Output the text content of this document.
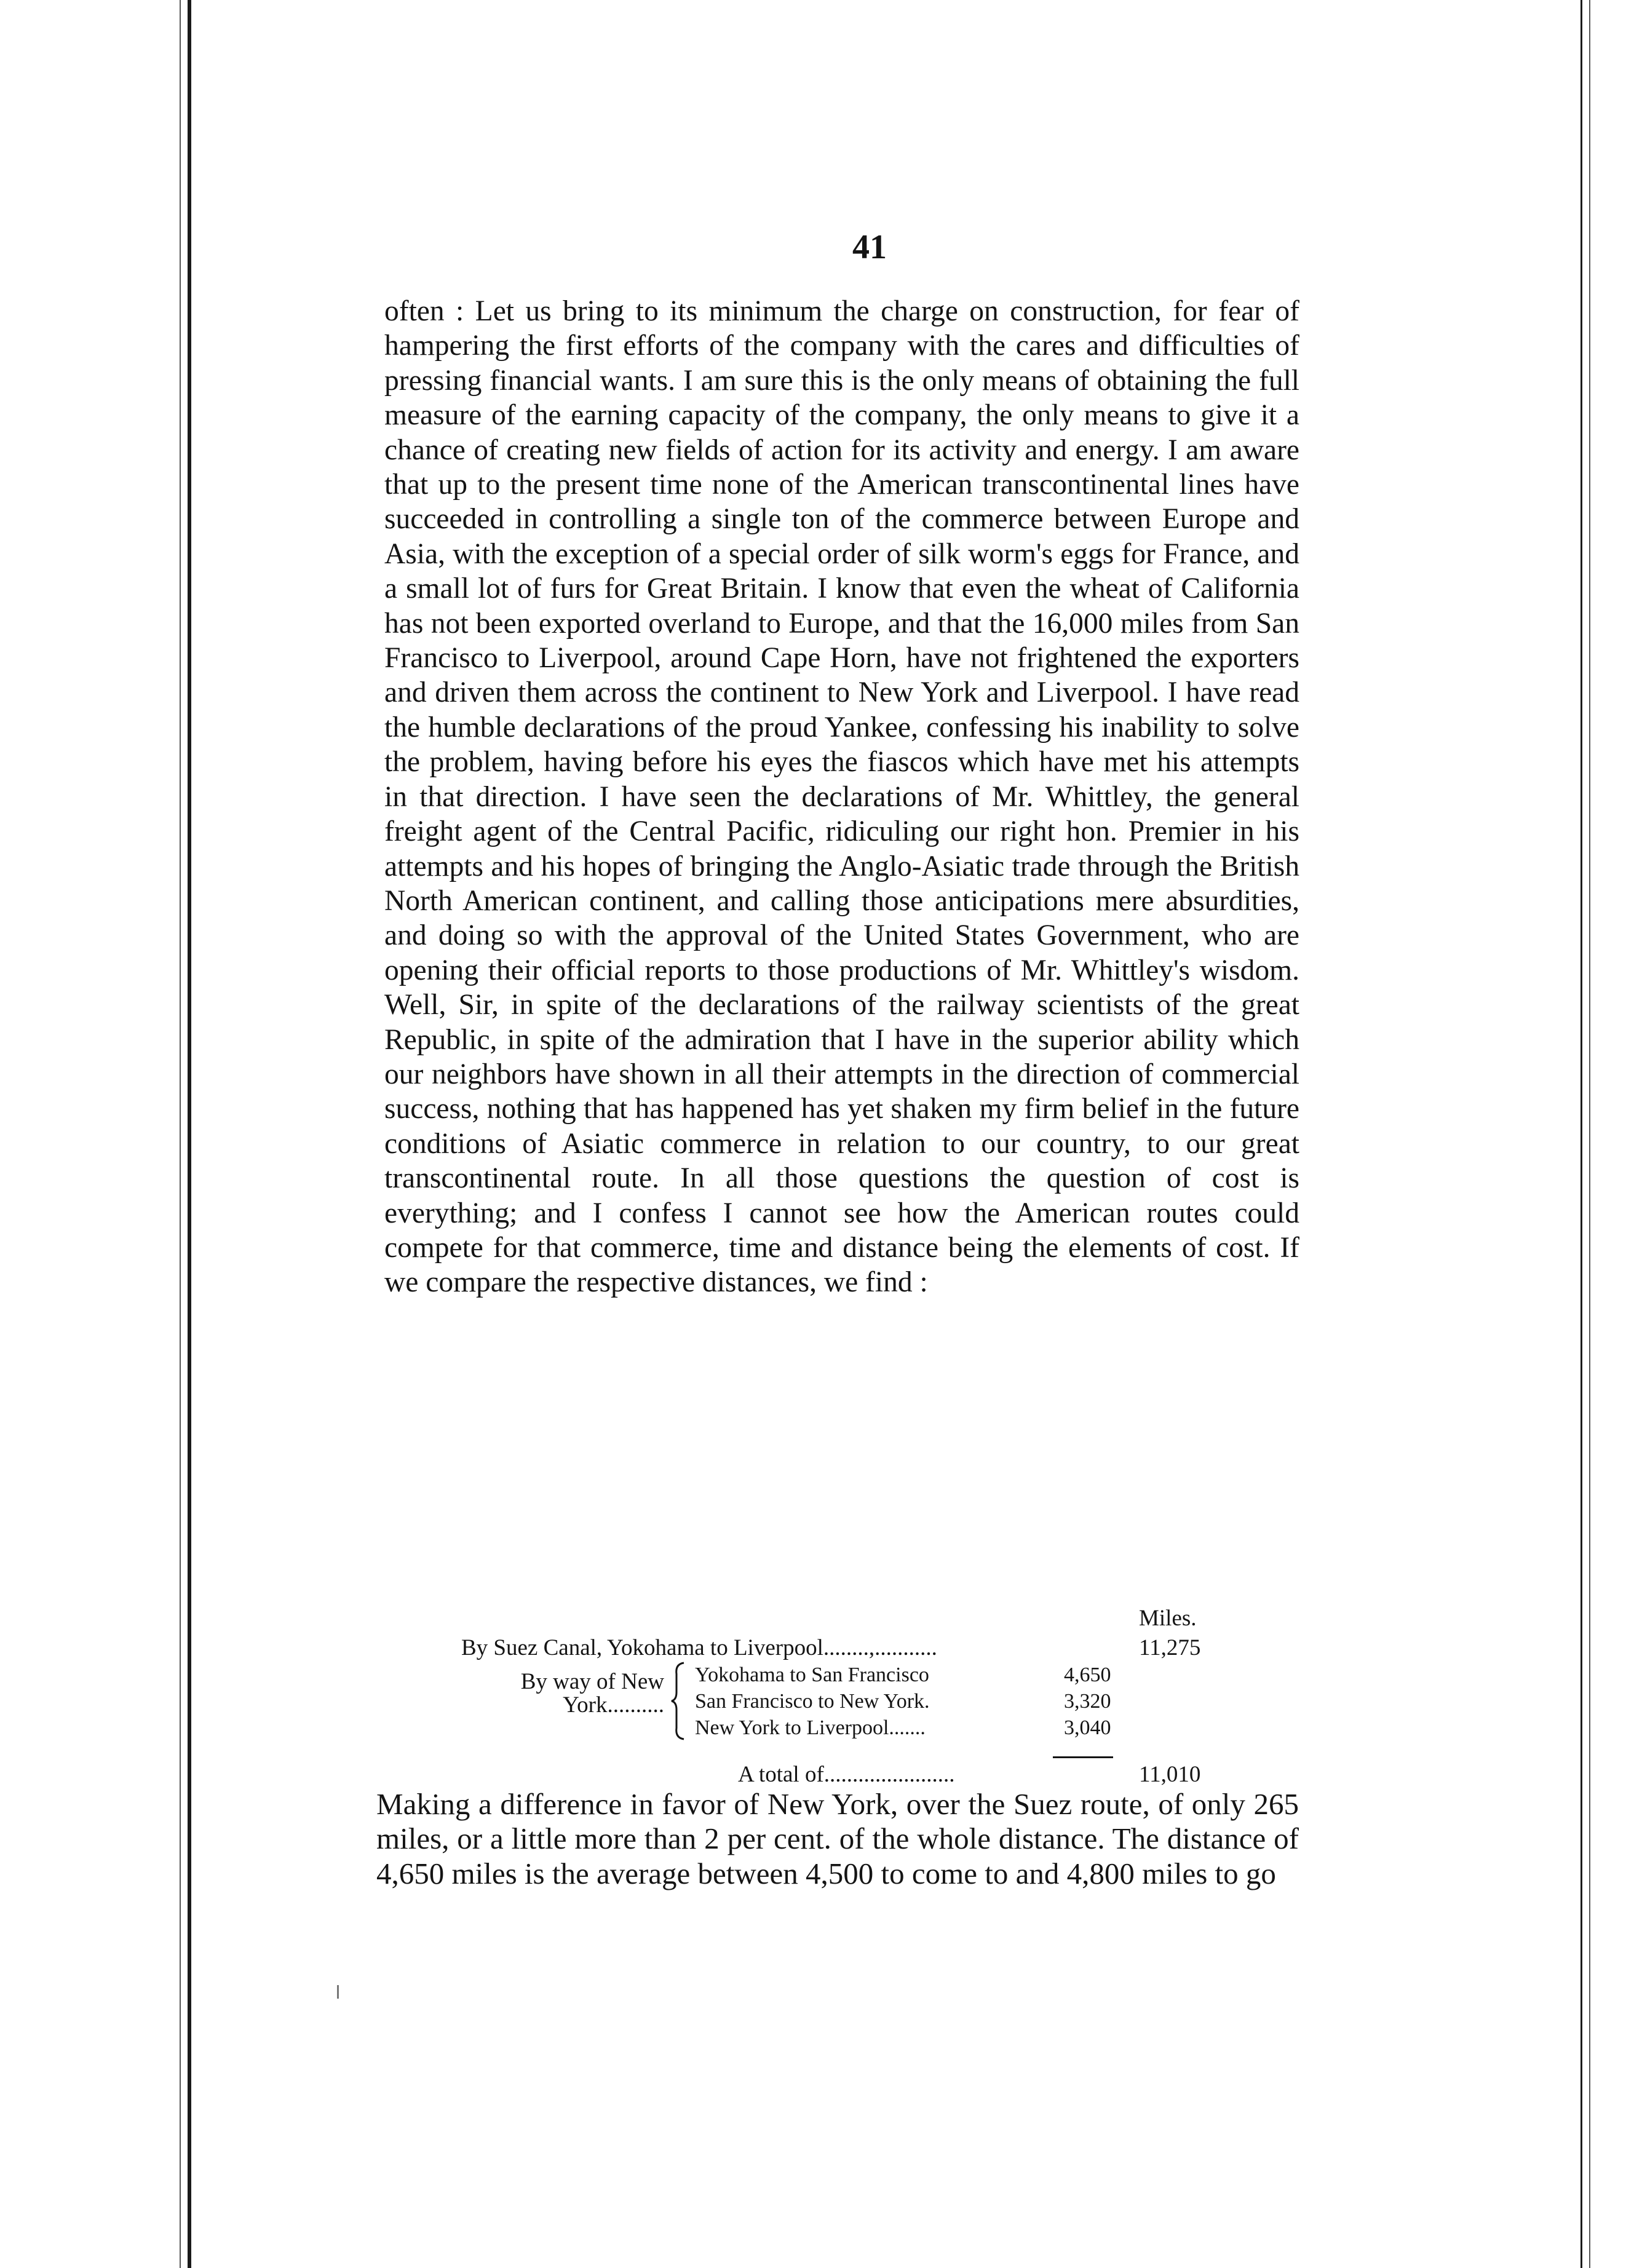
41

often : Let us bring to its minimum the charge on construction, for fear of hampering the first efforts of the company with the cares and difficulties of pressing financial wants. I am sure this is the only means of obtaining the full measure of the earning capacity of the company, the only means to give it a chance of creating new fields of action for its activity and energy. I am aware that up to the present time none of the American transcontinental lines have succeeded in controlling a single ton of the commerce between Europe and Asia, with the exception of a special order of silk worm's eggs for France, and a small lot of furs for Great Britain. I know that even the wheat of California has not been exported overland to Europe, and that the 16,000 miles from San Francisco to Liverpool, around Cape Horn, have not frightened the exporters and driven them across the continent to New York and Liverpool. I have read the humble declarations of the proud Yankee, confessing his inability to solve the problem, having before his eyes the fiascos which have met his attempts in that direction. I have seen the declarations of Mr. Whittley, the general freight agent of the Central Pacific, ridiculing our right hon. Premier in his attempts and his hopes of bringing the Anglo-Asiatic trade through the British North American continent, and calling those anticipations mere absurdities, and doing so with the approval of the United States Government, who are opening their official reports to those productions of Mr. Whittley's wisdom. Well, Sir, in spite of the declarations of the railway scientists of the great Republic, in spite of the admiration that I have in the superior ability which our neighbors have shown in all their attempts in the direction of commercial success, nothing that has happened has yet shaken my firm belief in the future conditions of Asiatic commerce in relation to our country, to our great transcontinental route. In all those questions the question of cost is everything; and I confess I cannot see how the American routes could compete for that commerce, time and distance being the elements of cost. If we compare the respective distances, we find :

Miles.
By Suez Canal, Yokohama to Liverpool........,...........	11,275
By way of New
York..........
Yokohama to San Francisco	4,650
San Francisco to New York.	3,320
New York to Liverpool.......	3,040
A total of.......................	11,010

Making a difference in favor of New York, over the Suez route, of only 265 miles, or a little more than 2 per cent. of the whole distance. The distance of 4,650 miles is the average between 4,500 to come to and 4,800 miles to go
